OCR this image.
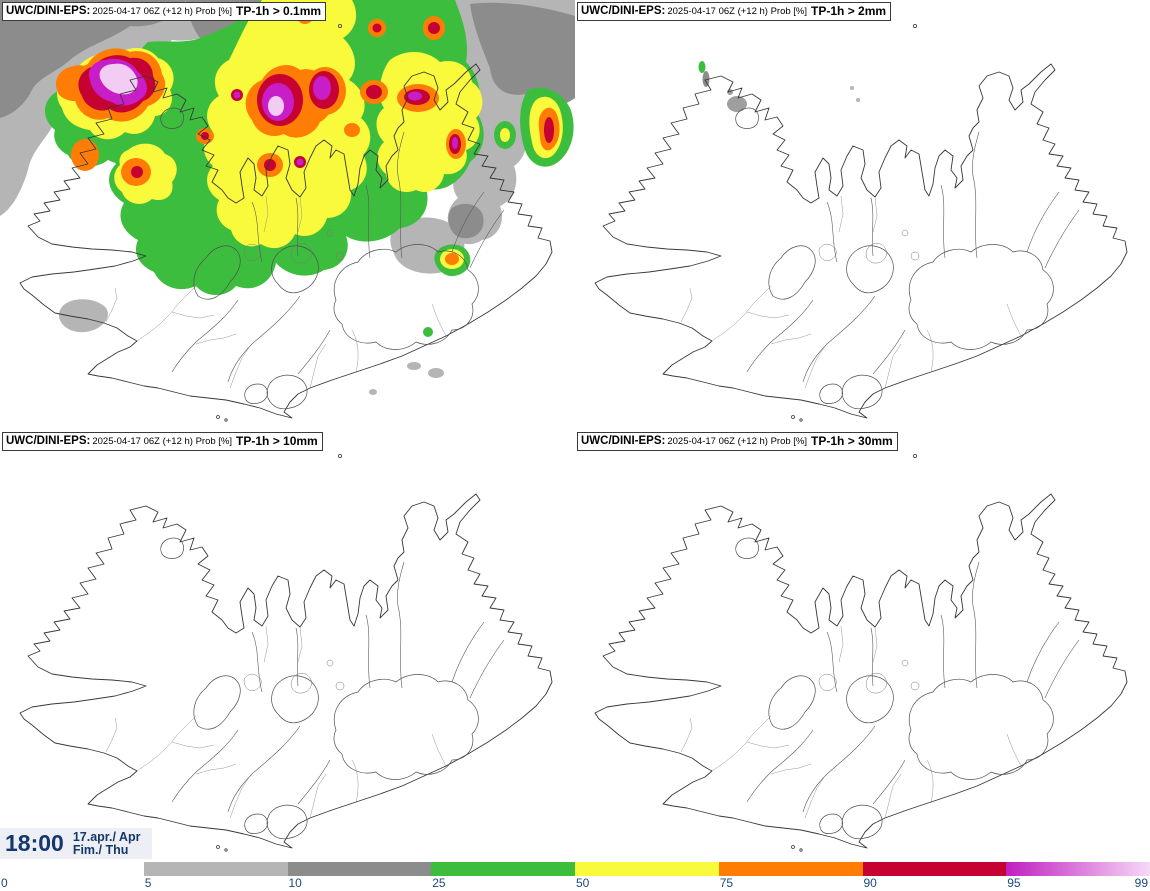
UWC/DINI-EPS: 2025-04-17 06Z (+12 h) Prob [%] TP-1h > 0.1mm	UWC/DINI-EPS: 2025-04-17 06Z (+12 h) Prob [%] TP-1h > 2mm
UWC/DINI-EPS: 2025-04-17 06Z (+12 h) Prob [%] TP-1h > 10mm	UWC/DINI-EPS: 2025-04-17 06Z (+12 h) Prob [%] TP-1h > 30mm
18:00 17.apr./ Apr
Fim./ Thu
0	5	10	25	50	75	90	95	99
